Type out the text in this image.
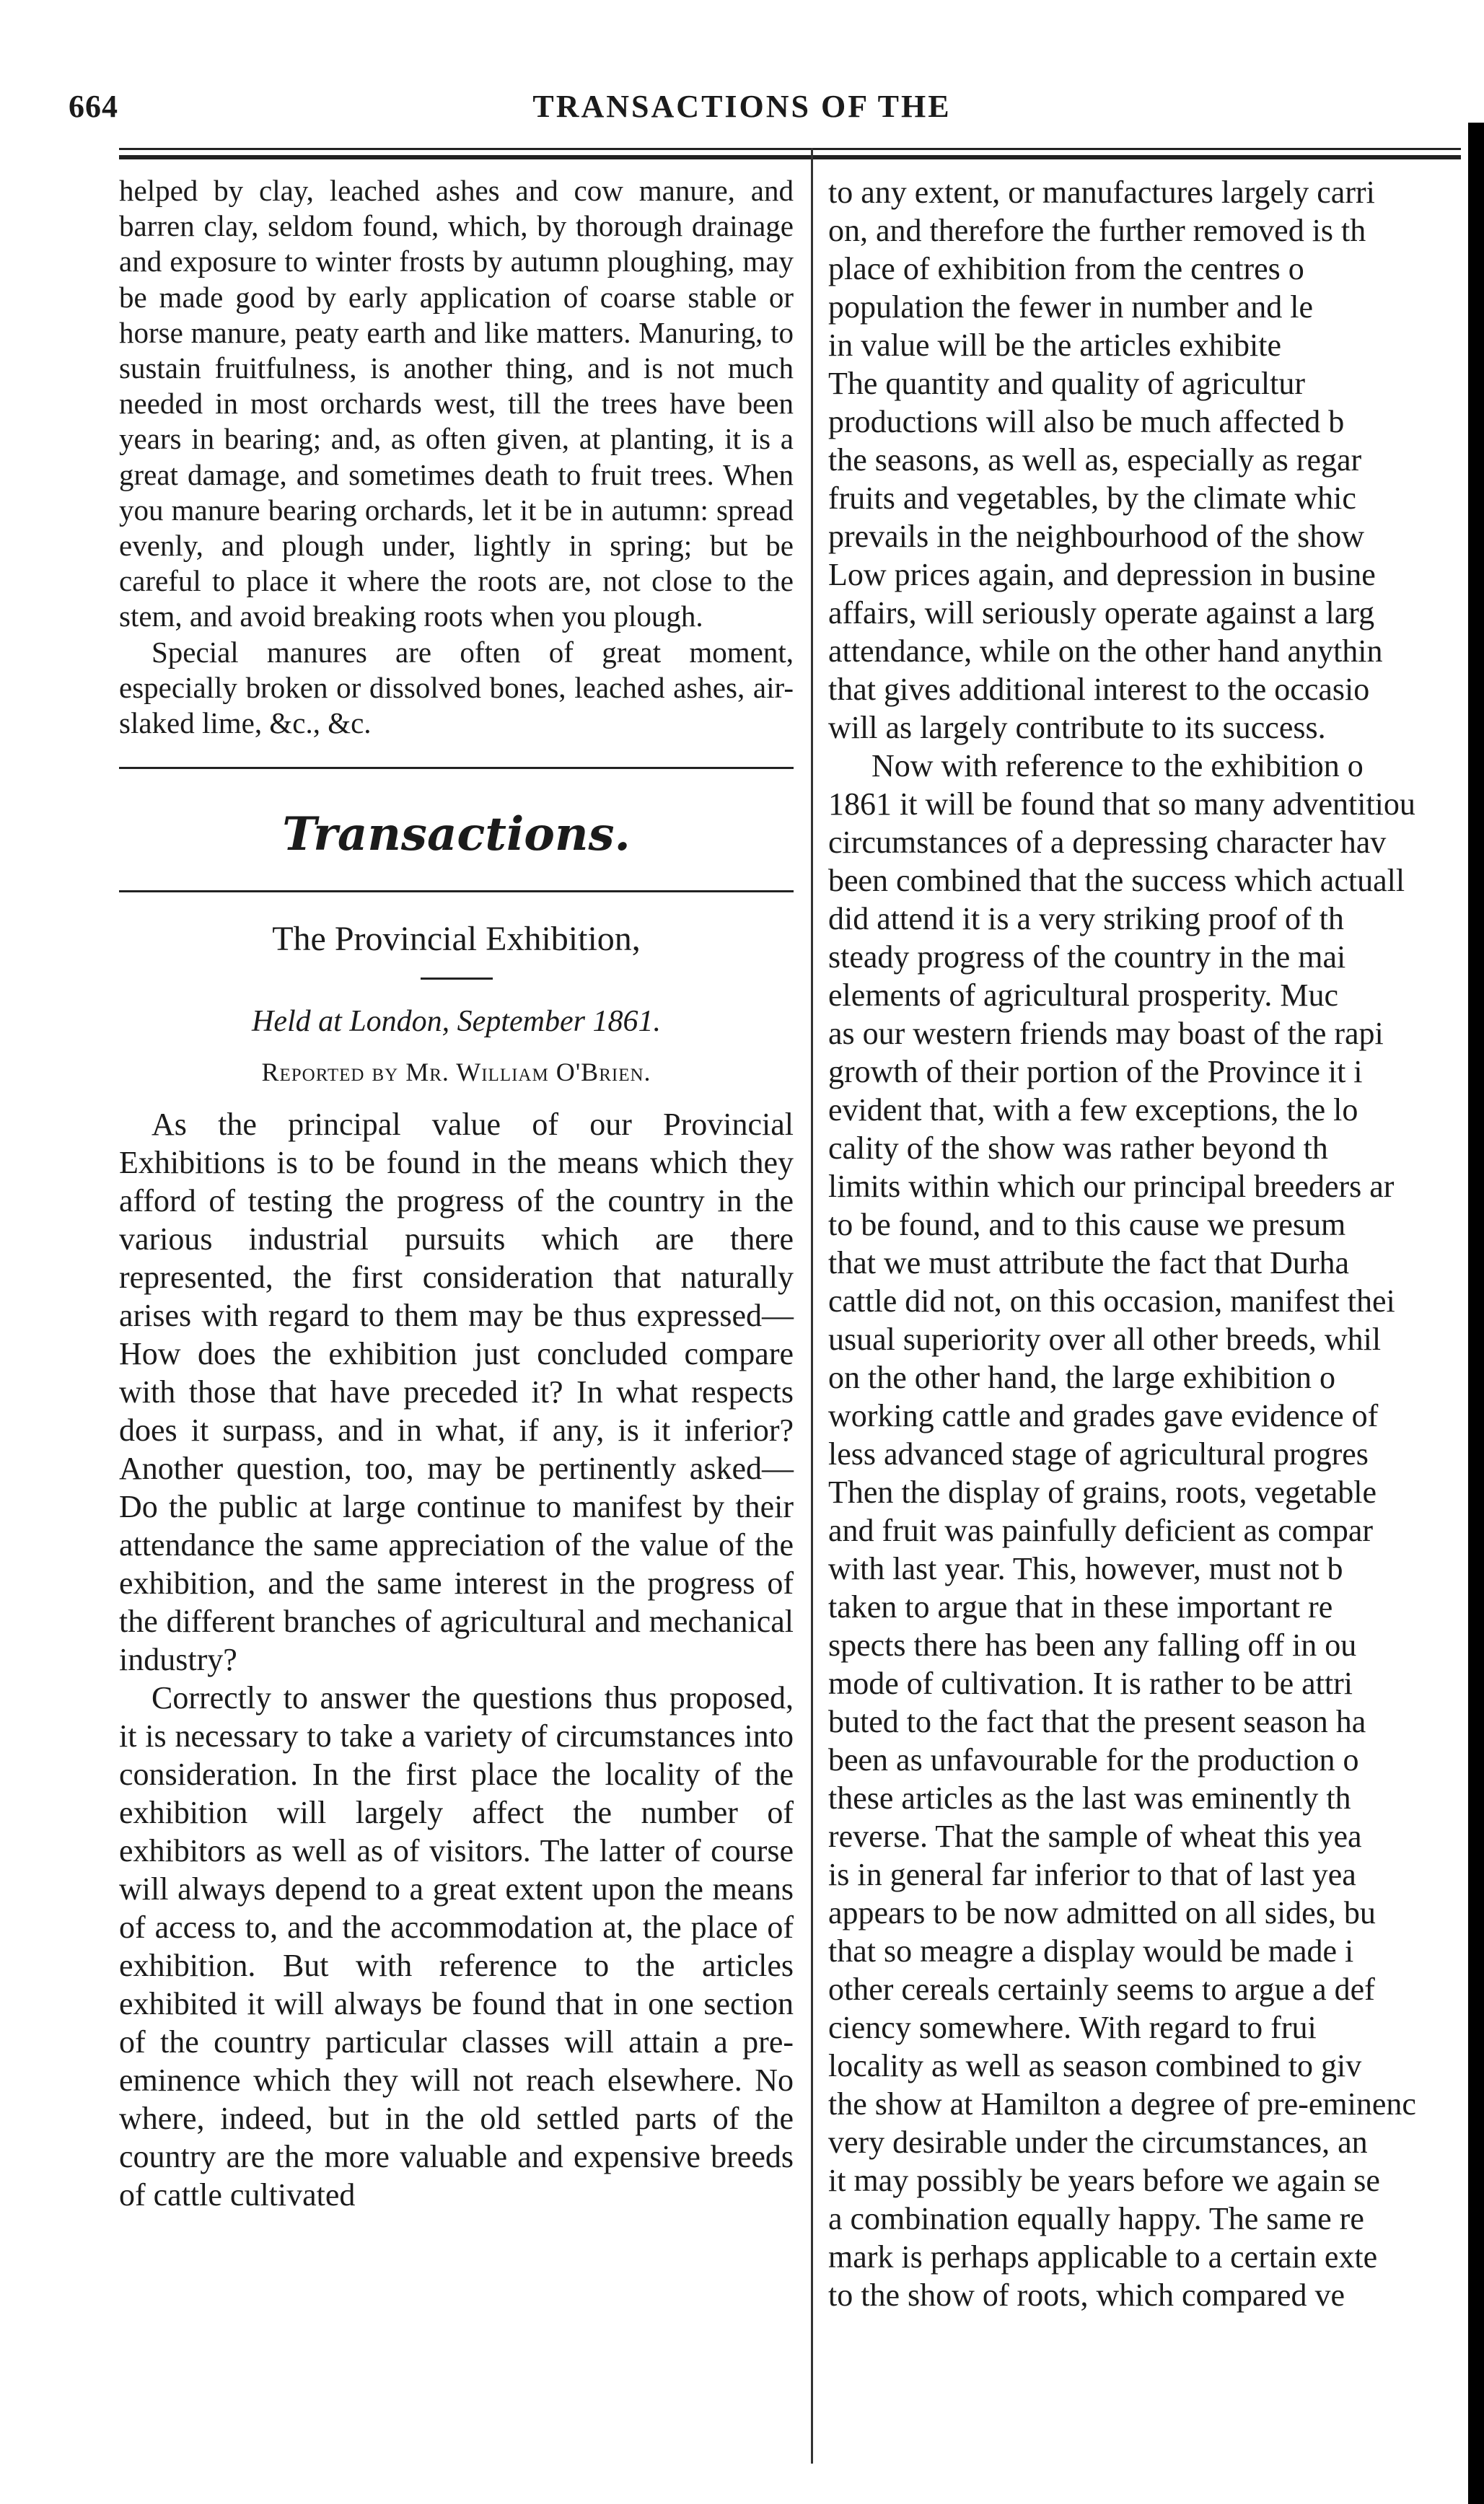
664	TRANSACTIONS OF THE

helped by clay, leached ashes and cow manure, and barren clay, seldom found, which, by thorough drainage and exposure to winter frosts by autumn ploughing, may be made good by early application of coarse stable or horse manure, peaty earth and like matters. Manuring, to sustain fruitfulness, is another thing, and is not much needed in most orchards west, till the trees have been years in bearing; and, as often given, at planting, it is a great damage, and sometimes death to fruit trees. When you manure bearing orchards, let it be in autumn: spread evenly, and plough under, lightly in spring; but be careful to place it where the roots are, not close to the stem, and avoid breaking roots when you plough.

Special manures are often of great moment, especially broken or dissolved bones, leached ashes, air-slaked lime, &c., &c.

Transactions.
The Provincial Exhibition,
Held at London, September 1861.
Reported by Mr. William O'Brien.

As the principal value of our Provincial Exhibitions is to be found in the means which they afford of testing the progress of the country in the various industrial pursuits which are there represented, the first consideration that naturally arises with regard to them may be thus expressed—How does the exhibition just concluded compare with those that have preceded it? In what respects does it surpass, and in what, if any, is it inferior? Another question, too, may be pertinently asked—Do the public at large continue to manifest by their attendance the same appreciation of the value of the exhibition, and the same interest in the progress of the different branches of agricultural and mechanical industry?

Correctly to answer the questions thus proposed, it is necessary to take a variety of circumstances into consideration. In the first place the locality of the exhibition will largely affect the number of exhibitors as well as of visitors. The latter of course will always depend to a great extent upon the means of access to, and the accommodation at, the place of exhibition. But with reference to the articles exhibited it will always be found that in one section of the country particular classes will attain a pre-eminence which they will not reach elsewhere. No where, indeed, but in the old settled parts of the country are the more valuable and expensive breeds of cattle cultivated

to any extent, or manufactures largely carri
on, and therefore the further removed is th
place of exhibition from the centres o
population the fewer in number and le
in value will be the articles exhibite
The quantity and quality of agricultur
productions will also be much affected b
the seasons, as well as, especially as regar
fruits and vegetables, by the climate whic
prevails in the neighbourhood of the show
Low prices again, and depression in busine
affairs, will seriously operate against a larg
attendance, while on the other hand anythin
that gives additional interest to the occasio
will as largely contribute to its success.
Now with reference to the exhibition o
1861 it will be found that so many adventitiou
circumstances of a depressing character hav
been combined that the success which actuall
did attend it is a very striking proof of th
steady progress of the country in the mai
elements of agricultural prosperity. Muc
as our western friends may boast of the rapi
growth of their portion of the Province it i
evident that, with a few exceptions, the lo
cality of the show was rather beyond th
limits within which our principal breeders ar
to be found, and to this cause we presum
that we must attribute the fact that Durha
cattle did not, on this occasion, manifest thei
usual superiority over all other breeds, whil
on the other hand, the large exhibition o
working cattle and grades gave evidence of
less advanced stage of agricultural progres
Then the display of grains, roots, vegetable
and fruit was painfully deficient as compar
with last year. This, however, must not b
taken to argue that in these important re
spects there has been any falling off in ou
mode of cultivation. It is rather to be attri
buted to the fact that the present season ha
been as unfavourable for the production o
these articles as the last was eminently th
reverse. That the sample of wheat this yea
is in general far inferior to that of last yea
appears to be now admitted on all sides, bu
that so meagre a display would be made i
other cereals certainly seems to argue a def
ciency somewhere. With regard to frui
locality as well as season combined to giv
the show at Hamilton a degree of pre-eminenc
very desirable under the circumstances, an
it may possibly be years before we again se
a combination equally happy. The same re
mark is perhaps applicable to a certain exte
to the show of roots, which compared ve
